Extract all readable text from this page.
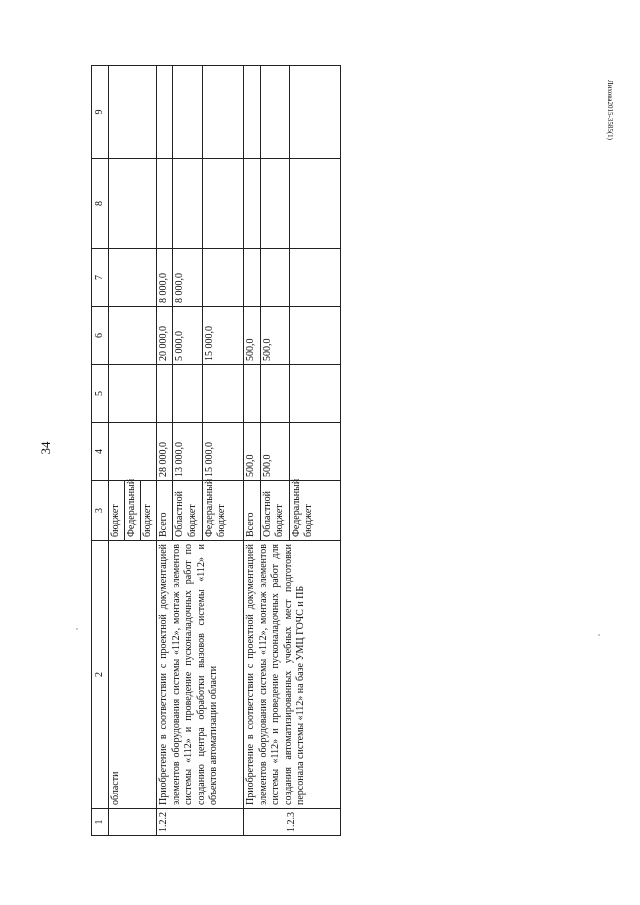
34
Лихова2015-3585(1)
1	2	3	4	5	6	7	8	9
	области	бюджет						
		Федеральный						
		бюджет						
1.2.2	Приобретение в соответствии с проектной документацией элементов оборудования системы «112», монтаж элементов системы «112» и проведение пусконаладочных работ по созданию центра обработки вызовов системы «112» и объектов автоматизации области	Всего	28 000,0		20 000,0	8 000,0		
		Областной бюджет	13 000,0		5 000,0	8 000,0		
		Федеральный бюджет	15 000,0		15 000,0			
1.2.3	Приобретение в соответствии с проектной документацией элементов оборудования системы «112», монтаж элементов системы «112» и проведение пусконаладочных работ для создания автоматизированных учебных мест подготовки персонала системы «112» на базе УМЦ ГОЧС и ПБ	Всего	500,0		500,0			
		Областной бюджет	500,0		500,0			
		Федеральный бюджет						
